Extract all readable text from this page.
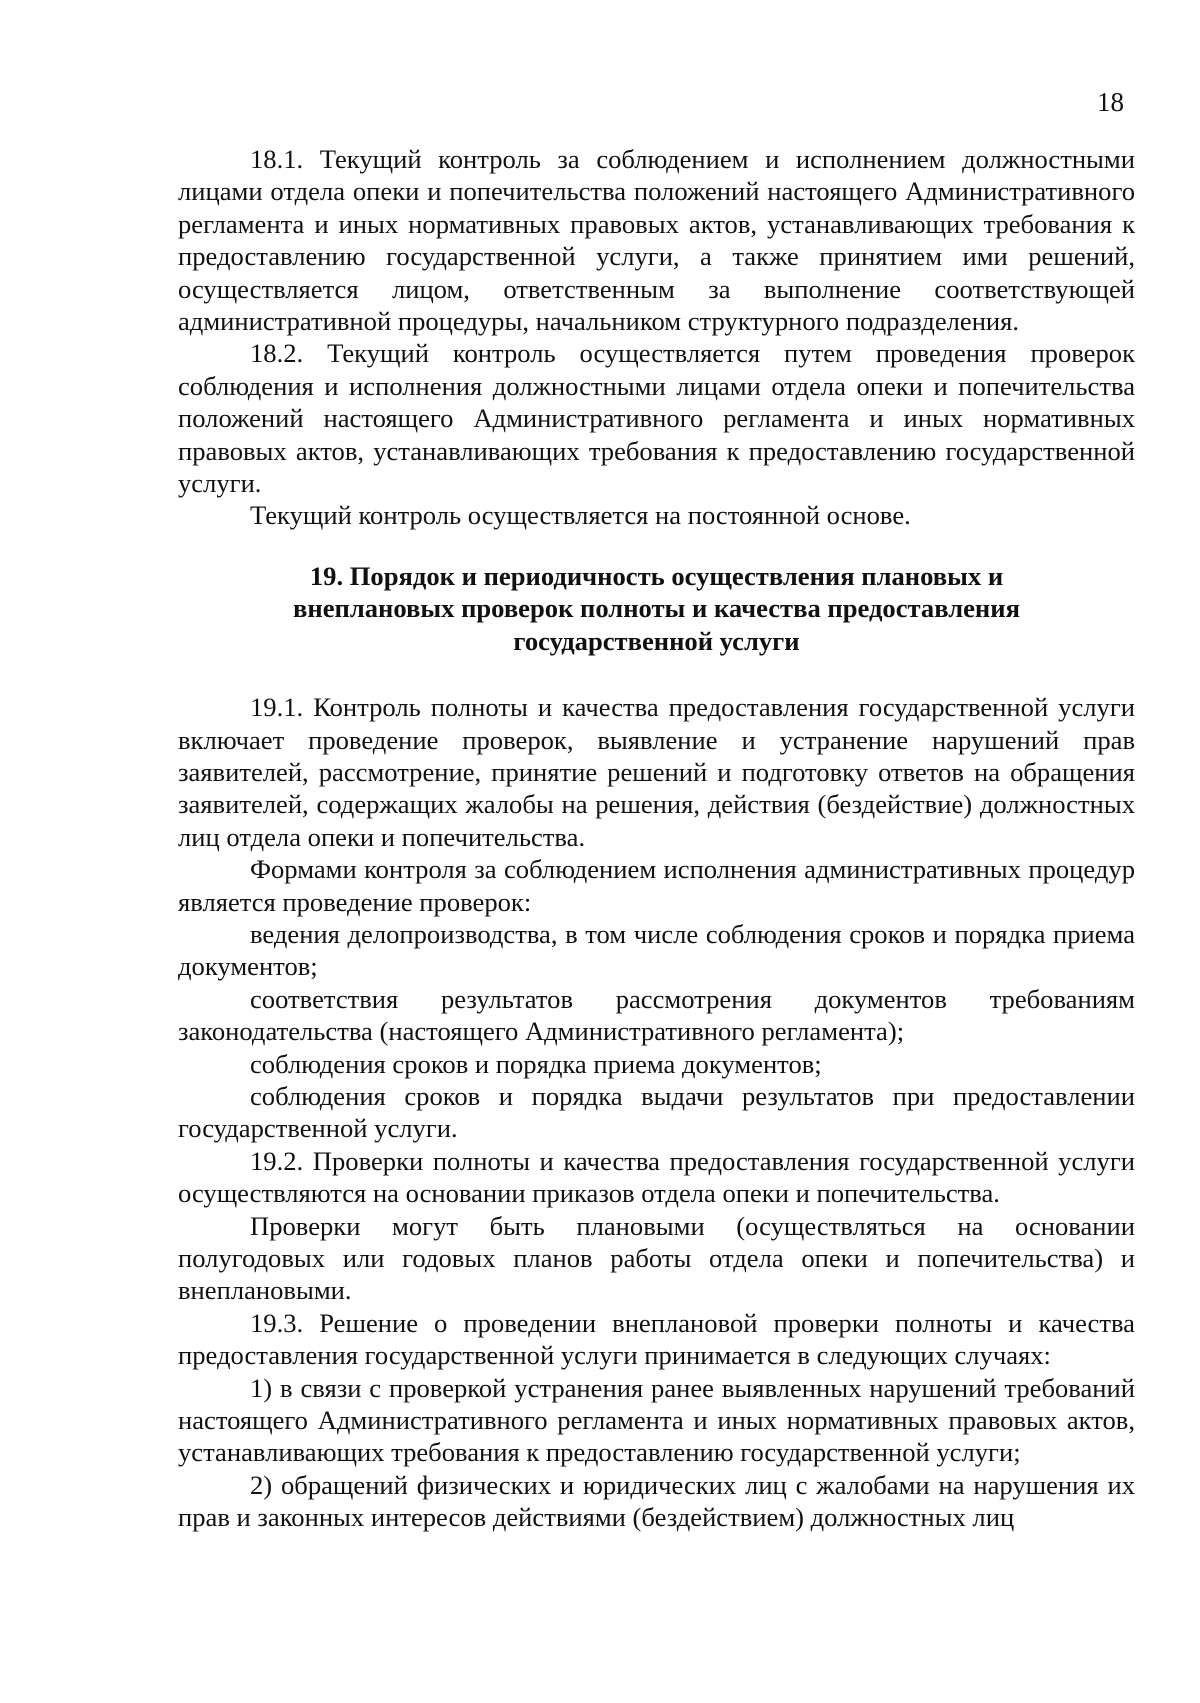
18

18.1. Текущий контроль за соблюдением и исполнением должностными лицами отдела опеки и попечительства положений настоящего Административного регламента и иных нормативных правовых актов, устанавливающих требования к предоставлению государственной услуги, а также принятием ими решений, осуществляется лицом, ответственным за выполнение соответствующей административной процедуры, начальником структурного подразделения.

18.2. Текущий контроль осуществляется путем проведения проверок соблюдения и исполнения должностными лицами отдела опеки и попечительства положений настоящего Административного регламента и иных нормативных правовых актов, устанавливающих требования к предоставлению государственной услуги.

Текущий контроль осуществляется на постоянной основе.

19. Порядок и периодичность осуществления плановых и внеплановых проверок полноты и качества предоставления государственной услуги

19.1. Контроль полноты и качества предоставления государственной услуги включает проведение проверок, выявление и устранение нарушений прав заявителей, рассмотрение, принятие решений и подготовку ответов на обращения заявителей, содержащих жалобы на решения, действия (бездействие) должностных лиц отдела опеки и попечительства.

Формами контроля за соблюдением исполнения административных процедур является проведение проверок:

ведения делопроизводства, в том числе соблюдения сроков и порядка приема документов;

соответствия результатов рассмотрения документов требованиям законодательства (настоящего Административного регламента);

соблюдения сроков и порядка приема документов;

соблюдения сроков и порядка выдачи результатов при предоставлении государственной услуги.

19.2. Проверки полноты и качества предоставления государственной услуги осуществляются на основании приказов отдела опеки и попечительства.

Проверки могут быть плановыми (осуществляться на основании полугодовых или годовых планов работы отдела опеки и попечительства) и внеплановыми.

19.3. Решение о проведении внеплановой проверки полноты и качества предоставления государственной услуги принимается в следующих случаях:

1) в связи с проверкой устранения ранее выявленных нарушений требований настоящего Административного регламента и иных нормативных правовых актов, устанавливающих требования к предоставлению государственной услуги;

2) обращений физических и юридических лиц с жалобами на нарушения их прав и законных интересов действиями (бездействием) должностных лиц
